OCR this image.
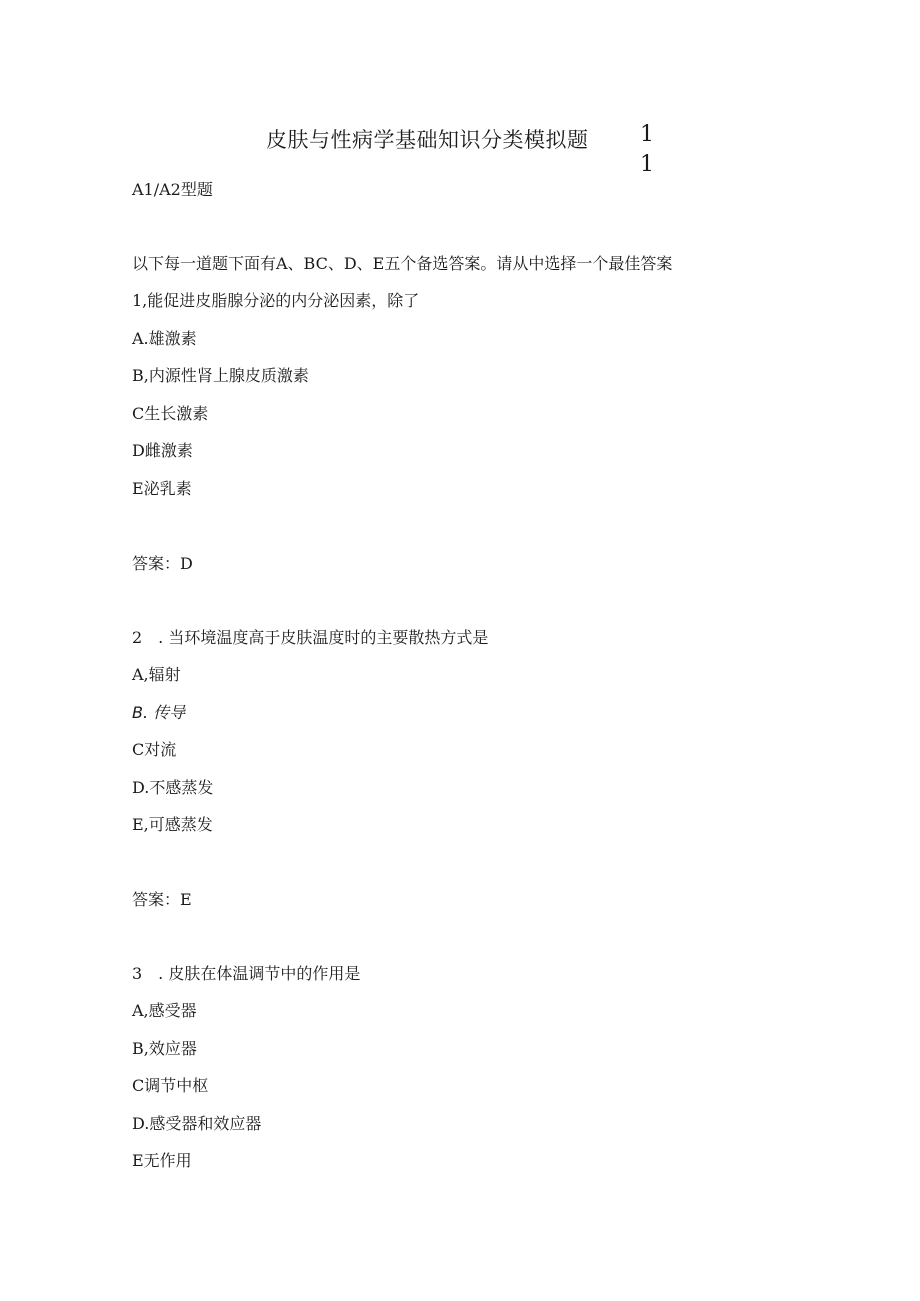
皮肤与性病学基础知识分类模拟题 1
1
A1/A2型题
以下每一道题下面有A、BC、D、E五个备选答案。请从中选择一个最佳答案
1,能促进皮脂腺分泌的内分泌因素，除了
A.雄激素
B,内源性肾上腺皮质激素
C生长激素
D雌激素
E泌乳素
答案：D
2　. 当环境温度高于皮肤温度时的主要散热方式是
A,辐射
B. 传导
C对流
D.不感蒸发
E,可感蒸发
答案：E
3　. 皮肤在体温调节中的作用是
A,感受器
B,效应器
C调节中枢
D.感受器和效应器
E无作用
